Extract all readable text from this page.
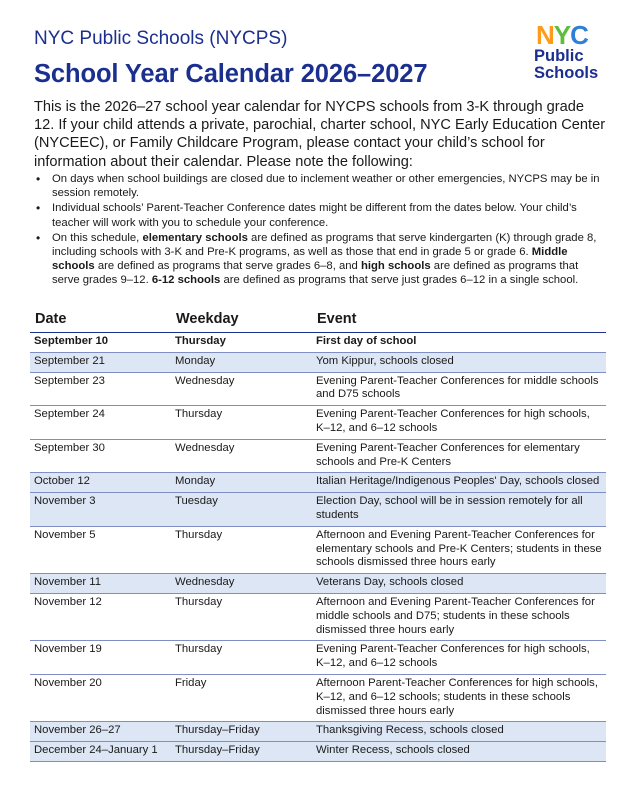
NYC Public Schools (NYCPS)
School Year Calendar 2026–2027
NYC
Public
Schools
This is the 2026–27 school year calendar for NYCPS schools from 3-K through grade 12. If your child attends a private, parochial, charter school, NYC Early Education Center (NYCEEC), or Family Childcare Program, please contact your child’s school for information about their calendar. Please note the following:
• On days when school buildings are closed due to inclement weather or other emergencies, NYCPS may be in session remotely.
• Individual schools’ Parent-Teacher Conference dates might be different from the dates below. Your child’s teacher will work with you to schedule your conference.
• On this schedule, elementary schools are defined as programs that serve kindergarten (K) through grade 8, including schools with 3-K and Pre-K programs, as well as those that end in grade 5 or grade 6. Middle schools are defined as programs that serve grades 6–8, and high schools are defined as programs that serve grades 9–12. 6-12 schools are defined as programs that serve just grades 6–12 in a single school.
Date	Weekday	Event
September 10	Thursday	First day of school
September 21	Monday	Yom Kippur, schools closed
September 23	Wednesday	Evening Parent-Teacher Conferences for middle schools and D75 schools
September 24	Thursday	Evening Parent-Teacher Conferences for high schools, K–12, and 6–12 schools
September 30	Wednesday	Evening Parent-Teacher Conferences for elementary schools and Pre-K Centers
October 12	Monday	Italian Heritage/Indigenous Peoples' Day, schools closed
November 3	Tuesday	Election Day, school will be in session remotely for all students
November 5	Thursday	Afternoon and Evening Parent-Teacher Conferences for elementary schools and Pre-K Centers; students in these schools dismissed three hours early
November 11	Wednesday	Veterans Day, schools closed
November 12	Thursday	Afternoon and Evening Parent-Teacher Conferences for middle schools and D75; students in these schools dismissed three hours early
November 19	Thursday	Evening Parent-Teacher Conferences for high schools, K–12, and 6–12 schools
November 20	Friday	Afternoon Parent-Teacher Conferences for high schools, K–12, and 6–12 schools; students in these schools dismissed three hours early
November 26–27	Thursday–Friday	Thanksgiving Recess, schools closed
December 24–January 1	Thursday–Friday	Winter Recess, schools closed
